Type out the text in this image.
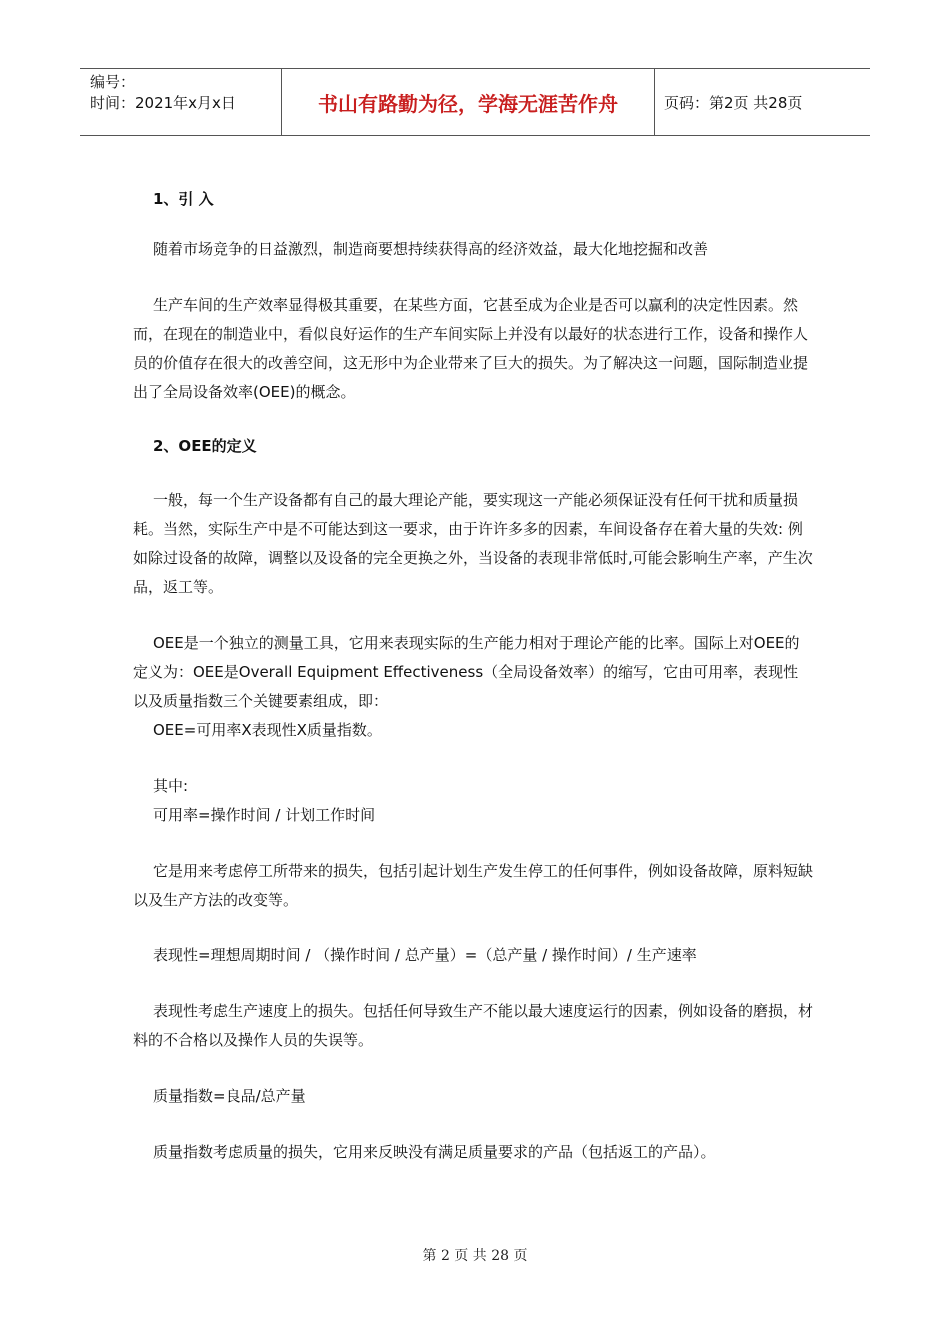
编号：
时间：2021年x月x日	书山有路勤为径，学海无涯苦作舟	页码：第2页 共28页

1、引 入

随着市场竞争的日益激烈，制造商要想持续获得高的经济效益，最大化地挖掘和改善

生产车间的生产效率显得极其重要，在某些方面，它甚至成为企业是否可以赢利的决定性因素。然而，在现在的制造业中，看似良好运作的生产车间实际上并没有以最好的状态进行工作，设备和操作人员的价值存在很大的改善空间，这无形中为企业带来了巨大的损失。为了解决这一问题，国际制造业提出了全局设备效率(OEE)的概念。

2、OEE的定义

一般，每一个生产设备都有自己的最大理论产能，要实现这一产能必须保证没有任何干扰和质量损耗。当然，实际生产中是不可能达到这一要求，由于许许多多的因素，车间设备存在着大量的失效: 例如除过设备的故障，调整以及设备的完全更换之外，当设备的表现非常低时,可能会影响生产率，产生次品，返工等。

OEE是一个独立的测量工具，它用来表现实际的生产能力相对于理论产能的比率。国际上对OEE的定义为：OEE是Overall Equipment Effectiveness（全局设备效率）的缩写，它由可用率，表现性以及质量指数三个关键要素组成，即：

OEE=可用率X表现性X质量指数。

其中:

可用率=操作时间 / 计划工作时间

它是用来考虑停工所带来的损失，包括引起计划生产发生停工的任何事件，例如设备故障，原料短缺以及生产方法的改变等。

表现性=理想周期时间 / （操作时间 / 总产量）=（总产量 / 操作时间）/ 生产速率

表现性考虑生产速度上的损失。包括任何导致生产不能以最大速度运行的因素，例如设备的磨损，材料的不合格以及操作人员的失误等。

质量指数=良品/总产量

质量指数考虑质量的损失，它用来反映没有满足质量要求的产品（包括返工的产品）。

第 2 页 共 28 页
